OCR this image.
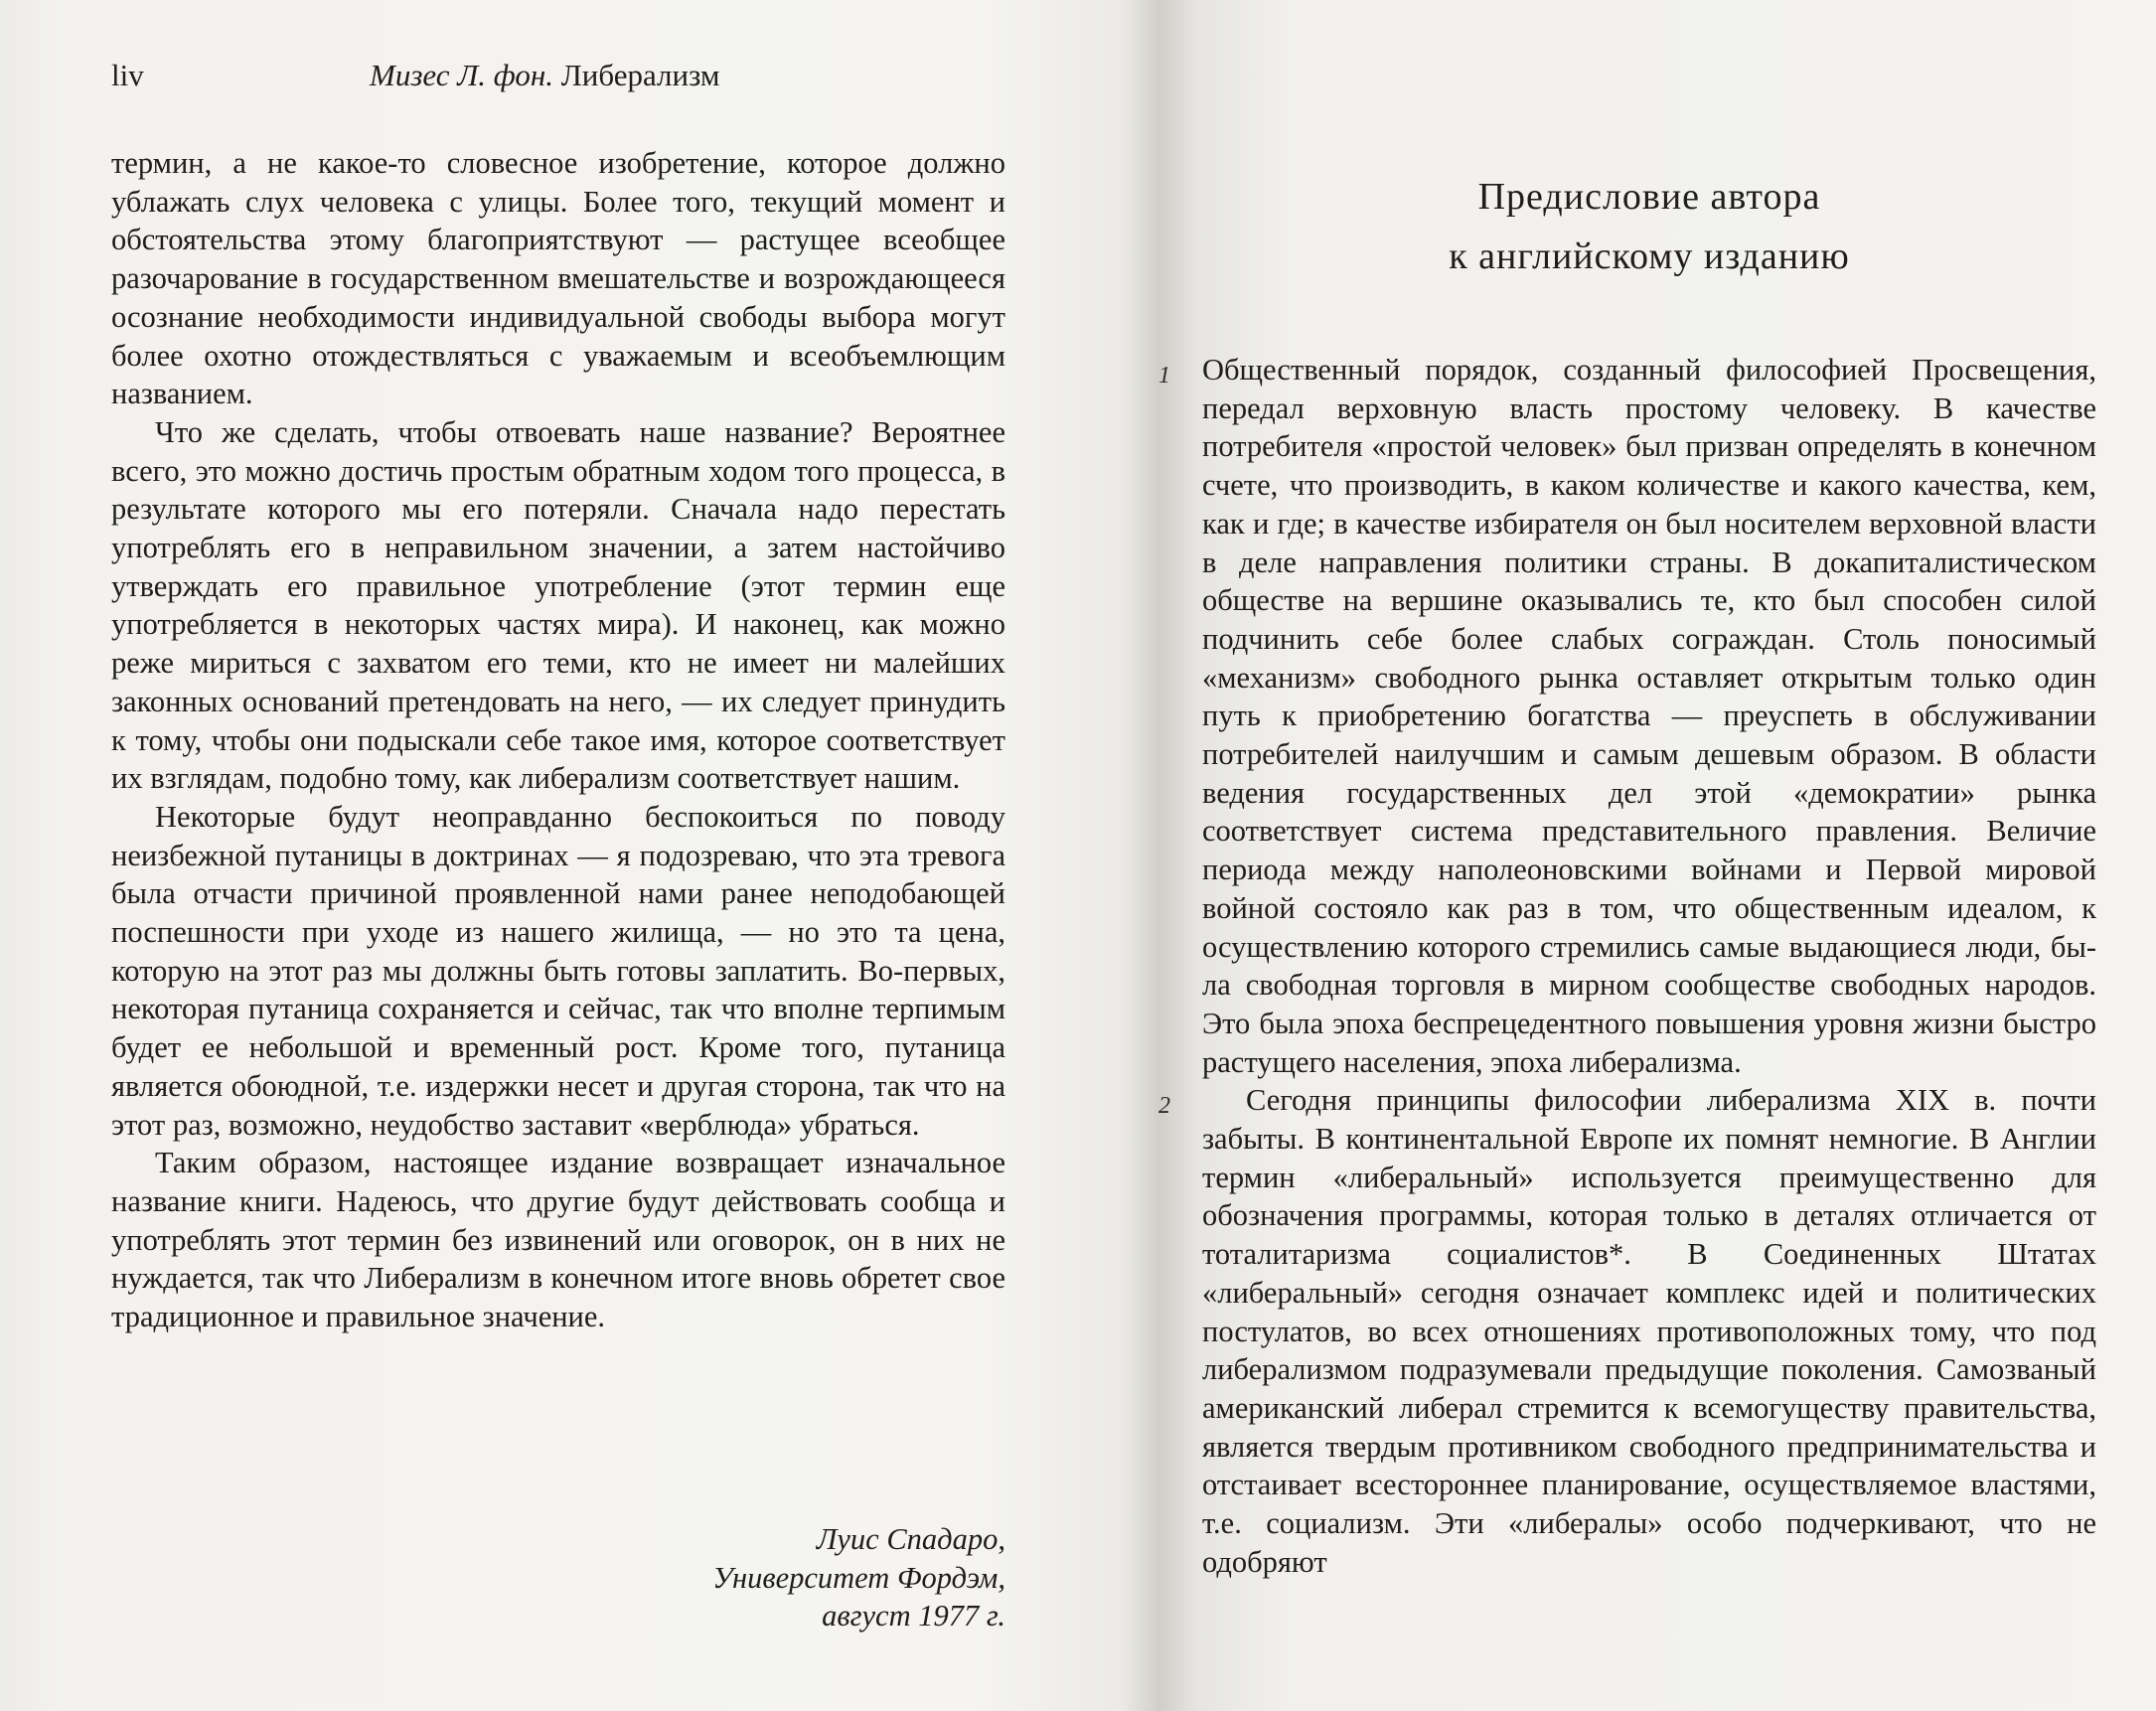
liv	Мизес Л. фон. Либерализм

термин, а не какое-то словесное изобретение, которое должно ублажать слух человека с улицы. Более того, текущий момент и обстоятельства этому благоприятствуют — растущее всеобщее разочарование в государственном вмешательстве и возрождающееся осознание необходимости индивидуальной свободы выбора могут более охотно отождествляться с уважаемым и всеобъемлющим названием.

Что же сделать, чтобы отвоевать наше название? Вероятнее всего, это можно достичь простым обратным ходом того процесса, в результате которого мы его потеряли. Сначала надо перестать употреблять его в неправильном значении, а затем настойчиво утверждать его правильное употребление (этот термин еще употребляется в некоторых частях мира). И наконец, как можно реже мириться с захватом его теми, кто не имеет ни малейших законных оснований претендовать на него, — их следует принудить к тому, чтобы они подыскали себе такое имя, которое соответствует их взглядам, подобно тому, как либерализм соответствует нашим.

Некоторые будут неоправданно беспокоиться по поводу неизбежной путаницы в доктринах — я подозреваю, что эта тревога была отчасти причиной проявленной нами ранее неподобающей поспешности при уходе из нашего жилища, — но это та цена, которую на этот раз мы должны быть готовы заплатить. Во-первых, некоторая путаница сохраняется и сейчас, так что вполне терпимым будет ее небольшой и временный рост. Кроме того, путаница является обоюдной, т.е. издержки несет и другая сторона, так что на этот раз, возможно, неудобство заставит «верблюда» убраться.

Таким образом, настоящее издание возвращает изначальное название книги. Надеюсь, что другие будут действовать сообща и употреблять этот термин без извинений или оговорок, он в них не нуждается, так что Либерализм в конечном итоге вновь обретет свое традиционное и правильное значение.

Луис Спадаро,
Университет Фордэм,
август 1977 г.
Предисловие автора
к английскому изданию
1 Общественный порядок, созданный философией Просвещения, передал верховную власть простому человеку. В качестве потребителя «простой человек» был призван определять в конечном счете, что производить, в каком количестве и какого качества, кем, как и где; в качестве избирателя он был носителем верховной власти в деле направления политики страны. В докапиталистическом обществе на вершине оказывались те, кто был способен силой подчинить себе более слабых сограждан. Столь поносимый «механизм» свободного рынка оставляет открытым только один путь к приобретению богатства — преуспеть в обслуживании потребителей наилучшим и самым дешевым образом. В области ведения государственных дел этой «демократии» рынка соответствует система представительного правления. Величие периода между наполеоновскими войнами и Первой мировой войной состояло как раз в том, что общественным идеалом, к осуществлению которого стремились самые выдающиеся люди, была свободная торговля в мирном сообществе свободных народов. Это была эпоха беспрецедентного повышения уровня жизни быстро растущего населения, эпоха либерализма.

2	Сегодня принципы философии либерализма XIX в. почти забыты. В континентальной Европе их помнят немногие. В Англии термин «либеральный» используется преимущественно для обозначения программы, которая только в деталях отличается от тоталитаризма социалистов*. В Соединенных Штатах «либеральный» сегодня означает комплекс идей и политических постулатов, во всех отношениях противоположных тому, что под либерализмом подразумевали предыдущие поколения. Самозваный американский либерал стремится к всемогуществу правительства, является твердым противником свободного предпринимательства и отстаивает всестороннее планирование, осуществляемое властями, т.е. социализм. Эти «либералы» особо подчеркивают, что не одобряют
